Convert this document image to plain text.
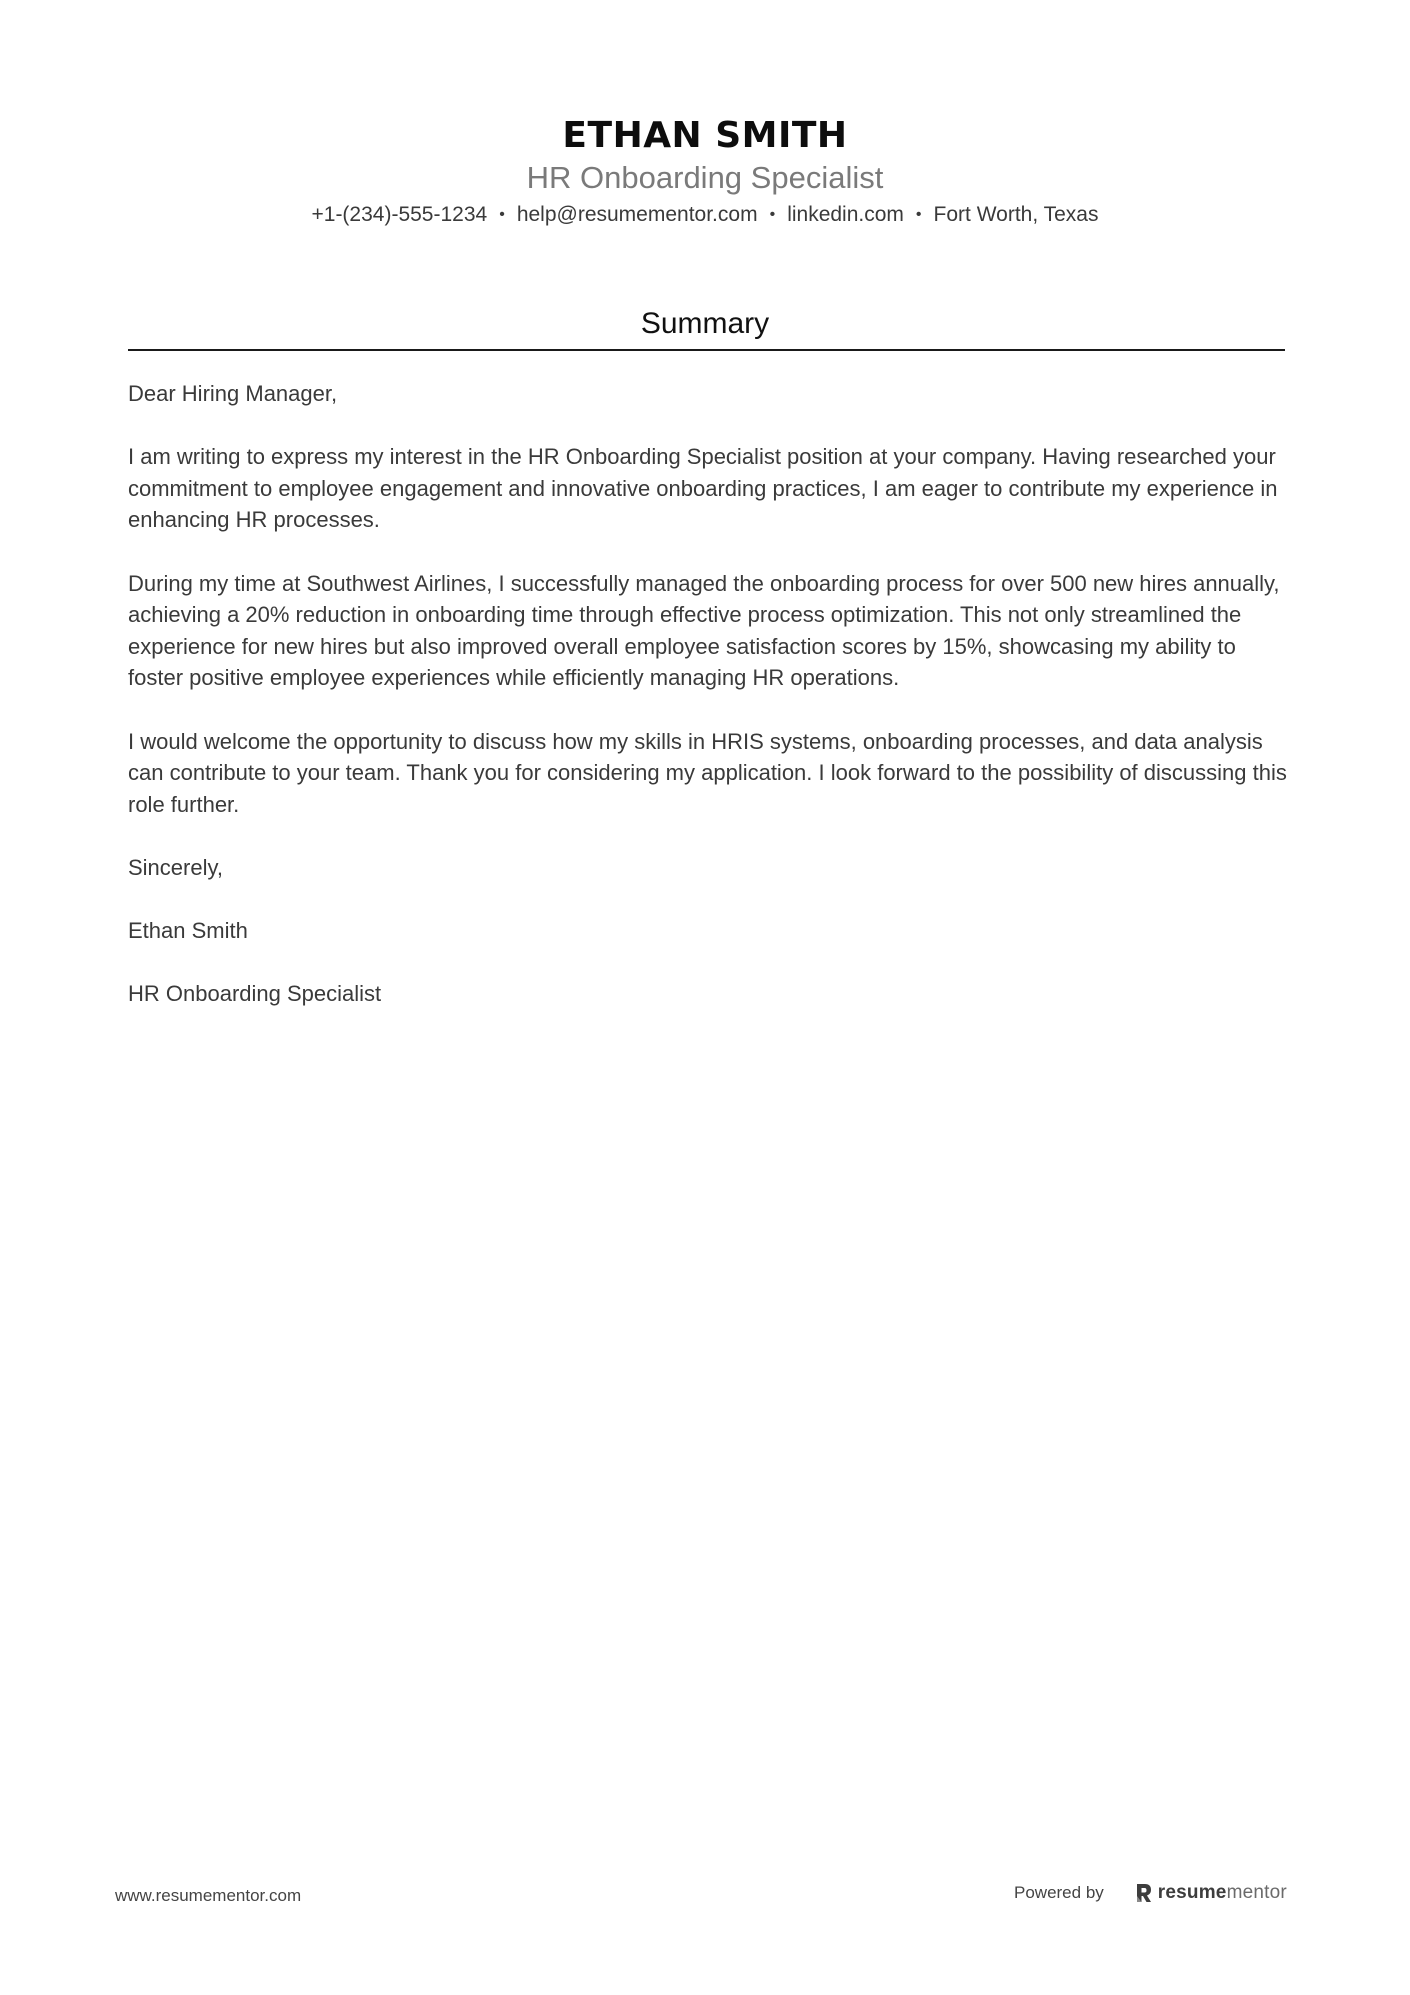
ETHAN SMITH
HR Onboarding Specialist
+1-(234)-555-1234 • help@resumementor.com • linkedin.com • Fort Worth, Texas
Summary

Dear Hiring Manager,

I am writing to express my interest in the HR Onboarding Specialist position at your company. Having researched your commitment to employee engagement and innovative onboarding practices, I am eager to contribute my experience in enhancing HR processes.

During my time at Southwest Airlines, I successfully managed the onboarding process for over 500 new hires annually, achieving a 20% reduction in onboarding time through effective process optimization. This not only streamlined the experience for new hires but also improved overall employee satisfaction scores by 15%, showcasing my ability to foster positive employee experiences while efficiently managing HR operations.

I would welcome the opportunity to discuss how my skills in HRIS systems, onboarding processes, and data analysis can contribute to your team. Thank you for considering my application. I look forward to the possibility of discussing this role further.

Sincerely,

Ethan Smith

HR Onboarding Specialist

www.resumementor.com	Powered by	resumementor
